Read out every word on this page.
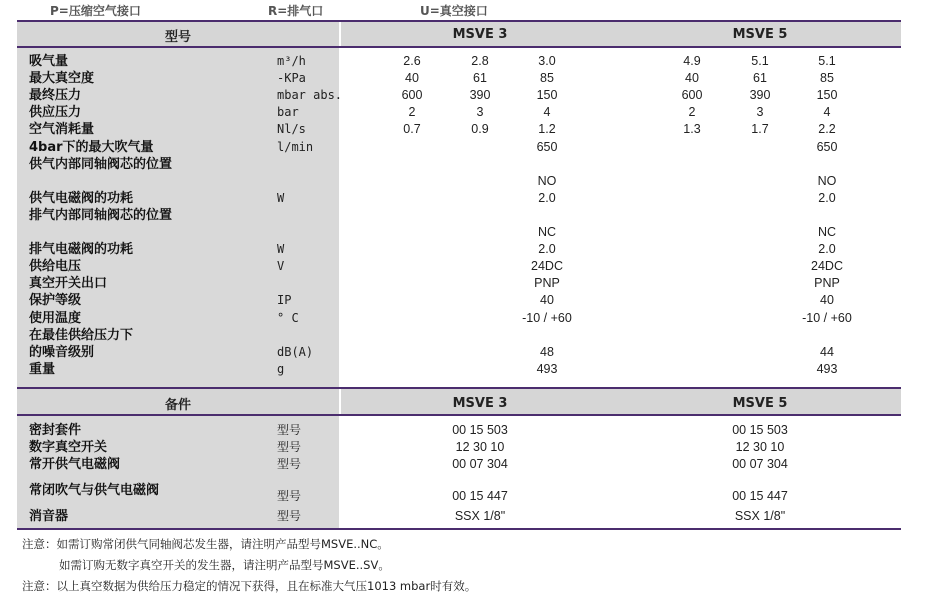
P=压缩空气接口	R=排气口	U=真空接口
型号	MSVE 3	MSVE 5
吸气量	m³/h	2.6	2.8	3.0	4.9	5.1	5.1
最大真空度	-KPa	40	61	85	40	61	85
最终压力	mbar abs.	600	390	150	600	390	150
供应压力	bar	2	3	4	2	3	4
空气消耗量	Nl/s	0.7	0.9	1.2	1.3	1.7	2.2
4bar下的最大吹气量	l/min	650	650
供气内部同轴阀芯的位置
NO	NO
供气电磁阀的功耗	W	2.0	2.0
排气内部同轴阀芯的位置
NC	NC
排气电磁阀的功耗	W	2.0	2.0
供给电压	V	24DC	24DC
真空开关出口	PNP	PNP
保护等级	IP	40	40
使用温度	° C	-10 / +60	-10 / +60
在最佳供给压力下
的噪音级别	dB(A)	48	44
重量	g	493	493
备件	MSVE 3	MSVE 5
密封套件	型号	00 15 503	00 15 503
数字真空开关	型号	12 30 10	12 30 10
常开供气电磁阀	型号	00 07 304	00 07 304
常闭吹气与供气电磁阀	型号	00 15 447	00 15 447
消音器	型号	SSX 1/8"	SSX 1/8"
注意：如需订购常闭供气同轴阀芯发生器，请注明产品型号MSVE..NC。
如需订购无数字真空开关的发生器，请注明产品型号MSVE..SV。
注意：以上真空数据为供给压力稳定的情况下获得，且在标准大气压1013 mbar时有效。
